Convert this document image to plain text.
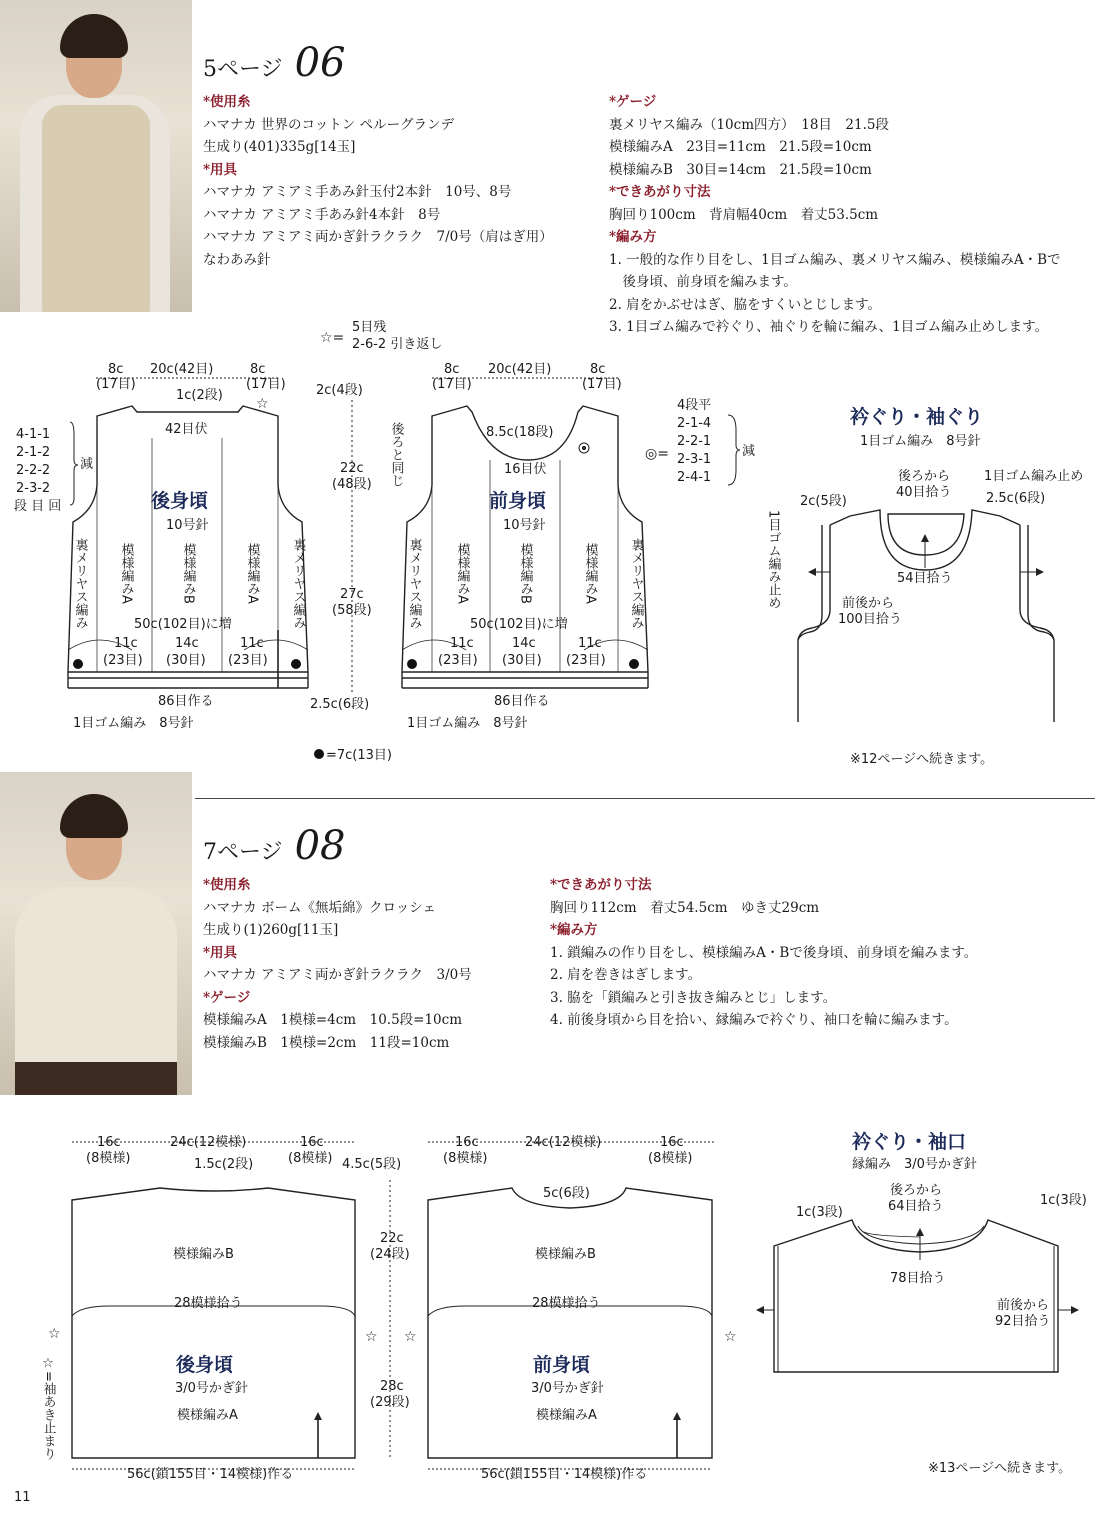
5ページ 06
*使用糸
ハマナカ 世界のコットン ペルーグランデ
生成り(401)335g[14玉]
*用具
ハマナカ アミアミ手あみ針玉付2本針　10号、8号
ハマナカ アミアミ手あみ針4本針　8号
ハマナカ アミアミ両かぎ針ラクラク　7/0号（肩はぎ用）
なわあみ針
*ゲージ
裏メリヤス編み（10cm四方）　18目　21.5段
模様編みA　23目=11cm　21.5段=10cm
模様編みB　30目=14cm　21.5段=10cm
*できあがり寸法
胸回り100cm　背肩幅40cm　着丈53.5cm
*編み方
1. 一般的な作り目をし、1目ゴム編み、裏メリヤス編み、模様編みA・Bで
　後身頃、前身頃を編みます。
2. 肩をかぶせはぎ、脇をすくいとじします。
3. 1目ゴム編みで衿ぐり、袖ぐりを輪に編み、1目ゴム編み止めします。
☆=
5目残
2-6-2 引き返し
8c 20c(42目)	8c
(17目)	(17目)
1c(2段)
☆
42目伏
4-1-1
2-1-2
2-2-2
2-3-2
段 目 回
減
後身頃
10号針
裏メリヤス編み 模様編みA	模様編みB	模様編みA 裏メリヤス編み
50c(102目)に増
11c	14c	11c
(23目) (30目) (23目)
86目作る
1目ゴム編み　8号針
2c(4段)
22c
(48段)
27c
(58段)
2.5c(6段)
8c 20c(42目)	8c
(17目)	(17目)
8.5c(18段)
16目伏
後ろと同じ
前身頃
10号針
裏メリヤス編み	模様編みA	模様編みB	模様編みA 裏メリヤス編み
50c(102目)に増
11c	14c	11c
(23目) (30目) (23目)
86目作る
1目ゴム編み　8号針
◎=
4段平
2-1-4
2-2-1
2-3-1
2-4-1
減
=7c(13目)
衿ぐり・袖ぐり
1目ゴム編み　8号針
後ろから
40目拾う
1目ゴム編み止め
2c(5段)	2.5c(6段)
1目ゴム編み止め	54目拾う
前後から
100目拾う
※12ページへ続きます。
7ページ 08
*使用糸
ハマナカ ボーム《無垢綿》クロッシェ
生成り(1)260g[11玉]
*用具
ハマナカ アミアミ両かぎ針ラクラク　3/0号
*ゲージ
模様編みA　1模様=4cm　10.5段=10cm
模様編みB　1模様=2cm　11段=10cm
*できあがり寸法
胸回り112cm　着丈54.5cm　ゆき丈29cm
*編み方
1. 鎖編みの作り目をし、模様編みA・Bで後身頃、前身頃を編みます。
2. 肩を巻きはぎします。
3. 脇を「鎖編みと引き抜き編みとじ」します。
4. 前後身頃から目を拾い、縁編みで衿ぐり、袖口を輪に編みます。
16c	24c(12模様)	16c
(8模様)	(8模様)
1.5c(2段)
模様編みB
28模様拾う
後身頃
3/0号かぎ針
模様編みA
56c(鎖155目・14模様)作る
☆	☆
☆=袖あき止まり
4.5c(5段)
22c
(24段)
28c
(29段)
16c	24c(12模様)	16c
(8模様)	(8模様)
5c(6段)
模様編みB
28模様拾う
前身頃
3/0号かぎ針
模様編みA
56c(鎖155目・14模様)作る
☆	☆
衿ぐり・袖口
縁編み　3/0号かぎ針
1c(3段)
1c(3段)
後ろから
64目拾う
78目拾う
前後から
92目拾う
※13ページへ続きます。
11
